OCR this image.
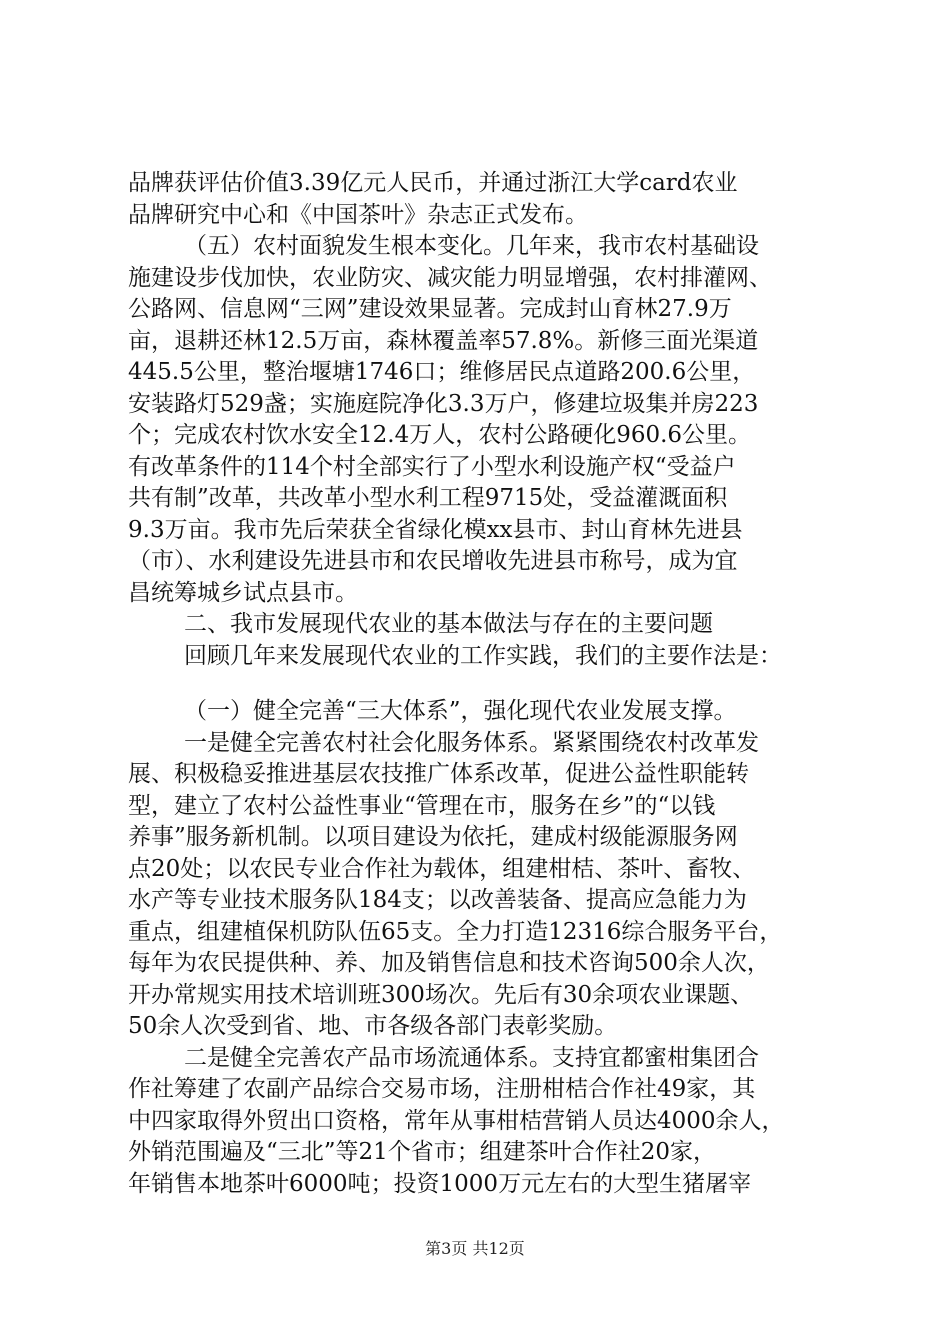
品牌获评估价值3.39亿元人民币，并通过浙江大学card农业
品牌研究中心和《中国茶叶》杂志正式发布。
（五）农村面貌发生根本变化。几年来，我市农村基础设
施建设步伐加快，农业防灾、减灾能力明显增强，农村排灌网、
公路网、信息网“三网”建设效果显著。完成封山育林27.9万
亩，退耕还林12.5万亩，森林覆盖率57.8%。新修三面光渠道
445.5公里，整治堰塘1746口；维修居民点道路200.6公里，
安装路灯529盏；实施庭院净化3.3万户，修建垃圾集并房223
个；完成农村饮水安全12.4万人，农村公路硬化960.6公里。
有改革条件的114个村全部实行了小型水利设施产权“受益户
共有制”改革，共改革小型水利工程9715处，受益灌溉面积
9.3万亩。我市先后荣获全省绿化模xx县市、封山育林先进县
（市）、水利建设先进县市和农民增收先进县市称号，成为宜
昌统筹城乡试点县市。
二、我市发展现代农业的基本做法与存在的主要问题
回顾几年来发展现代农业的工作实践，我们的主要作法是：
（一）健全完善“三大体系”，强化现代农业发展支撑。
一是健全完善农村社会化服务体系。紧紧围绕农村改革发
展、积极稳妥推进基层农技推广体系改革，促进公益性职能转
型，建立了农村公益性事业“管理在市，服务在乡”的“以钱
养事”服务新机制。以项目建设为依托，建成村级能源服务网
点20处；以农民专业合作社为载体，组建柑桔、茶叶、畜牧、
水产等专业技术服务队184支；以改善装备、提高应急能力为
重点，组建植保机防队伍65支。全力打造12316综合服务平台，
每年为农民提供种、养、加及销售信息和技术咨询500余人次，
开办常规实用技术培训班300场次。先后有30余项农业课题、
50余人次受到省、地、市各级各部门表彰奖励。
二是健全完善农产品市场流通体系。支持宜都蜜柑集团合
作社筹建了农副产品综合交易市场，注册柑桔合作社49家，其
中四家取得外贸出口资格，常年从事柑桔营销人员达4000余人，
外销范围遍及“三北”等21个省市；组建茶叶合作社20家，
年销售本地茶叶6000吨；投资1000万元左右的大型生猪屠宰
第3页 共12页
